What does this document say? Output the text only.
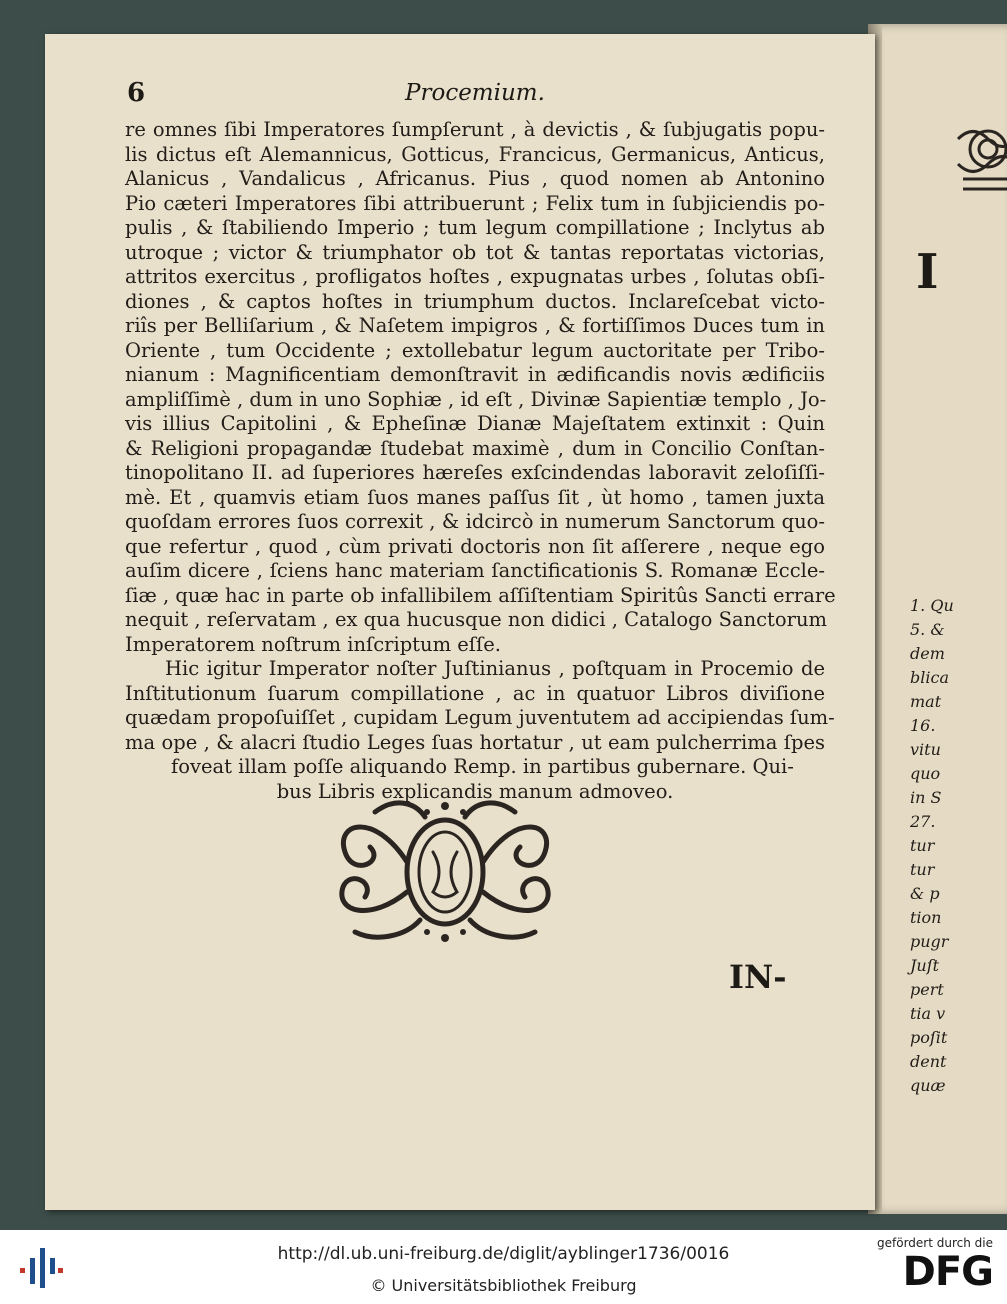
I
1. Qu
5. &
dem
blica
mat
16.
vitu
quo
in S
27.
tur
tur
& p
tion
pugr
Juſt
pert
tia v
poſit
dent
quæ
6	Procemium.

re omnes ſibi Imperatores ſumpſerunt , à devictis , & ſubjugatis popu-
lis dictus eſt Alemannicus, Gotticus, Francicus, Germanicus, Anticus,
Alanicus , Vandalicus , Africanus. Pius , quod nomen ab Antonino
Pio cæteri Imperatores ſibi attribuerunt ; Felix tum in ſubjiciendis po-
pulis , & ſtabiliendo Imperio ; tum legum compillatione ; Inclytus ab
utroque ; victor & triumphator ob tot & tantas reportatas victorias,
attritos exercitus , profligatos hoſtes , expugnatas urbes , ſolutas obſi-
diones , & captos hoſtes in triumphum ductos. Inclareſcebat victo-
riîs per Belliſarium , & Naſetem impigros , & fortiſſimos Duces tum in
Oriente , tum Occidente ; extollebatur legum auctoritate per Tribo-
nianum : Magnificentiam demonſtravit in ædificandis novis ædificiis
ampliſſimè , dum in uno Sophiæ , id eſt , Divinæ Sapientiæ templo , Jo-
vis illius Capitolini , & Epheſinæ Dianæ Majeſtatem extinxit : Quin
& Religioni propagandæ ſtudebat maximè , dum in Concilio Conſtan-
tinopolitano II. ad ſuperiores hæreſes exſcindendas laboravit zeloſiſſi-
mè. Et , quamvis etiam ſuos manes paſſus ſit , ùt homo , tamen juxta
quoſdam errores ſuos correxit , & idcircò in numerum Sanctorum quo-
que refertur , quod , cùm privati doctoris non ſit aſſerere , neque ego
auſim dicere , ſciens hanc materiam ſanctificationis S. Romanæ Eccle-
ſiæ , quæ hac in parte ob infallibilem aſſiſtentiam Spiritûs Sancti errare
nequit , reſervatam , ex qua hucusque non didici , Catalogo Sanctorum
Imperatorem noſtrum inſcriptum eſſe.

Hic igitur Imperator noſter Juſtinianus , poſtquam in Procemio de
Inſtitutionum ſuarum compillatione , ac in quatuor Libros diviſione
quædam propoſuiſſet , cupidam Legum juventutem ad accipiendas ſum-
ma ope , & alacri ſtudio Leges ſuas hortatur , ut eam pulcherrima ſpes
foveat illam poſſe aliquando Remp. in partibus gubernare. Qui-
bus Libris explicandis manum admoveo.

IN-
http://dl.ub.uni-freiburg.de/diglit/ayblinger1736/0016
© Universitätsbibliothek Freiburg
gefördert durch die
DFG
